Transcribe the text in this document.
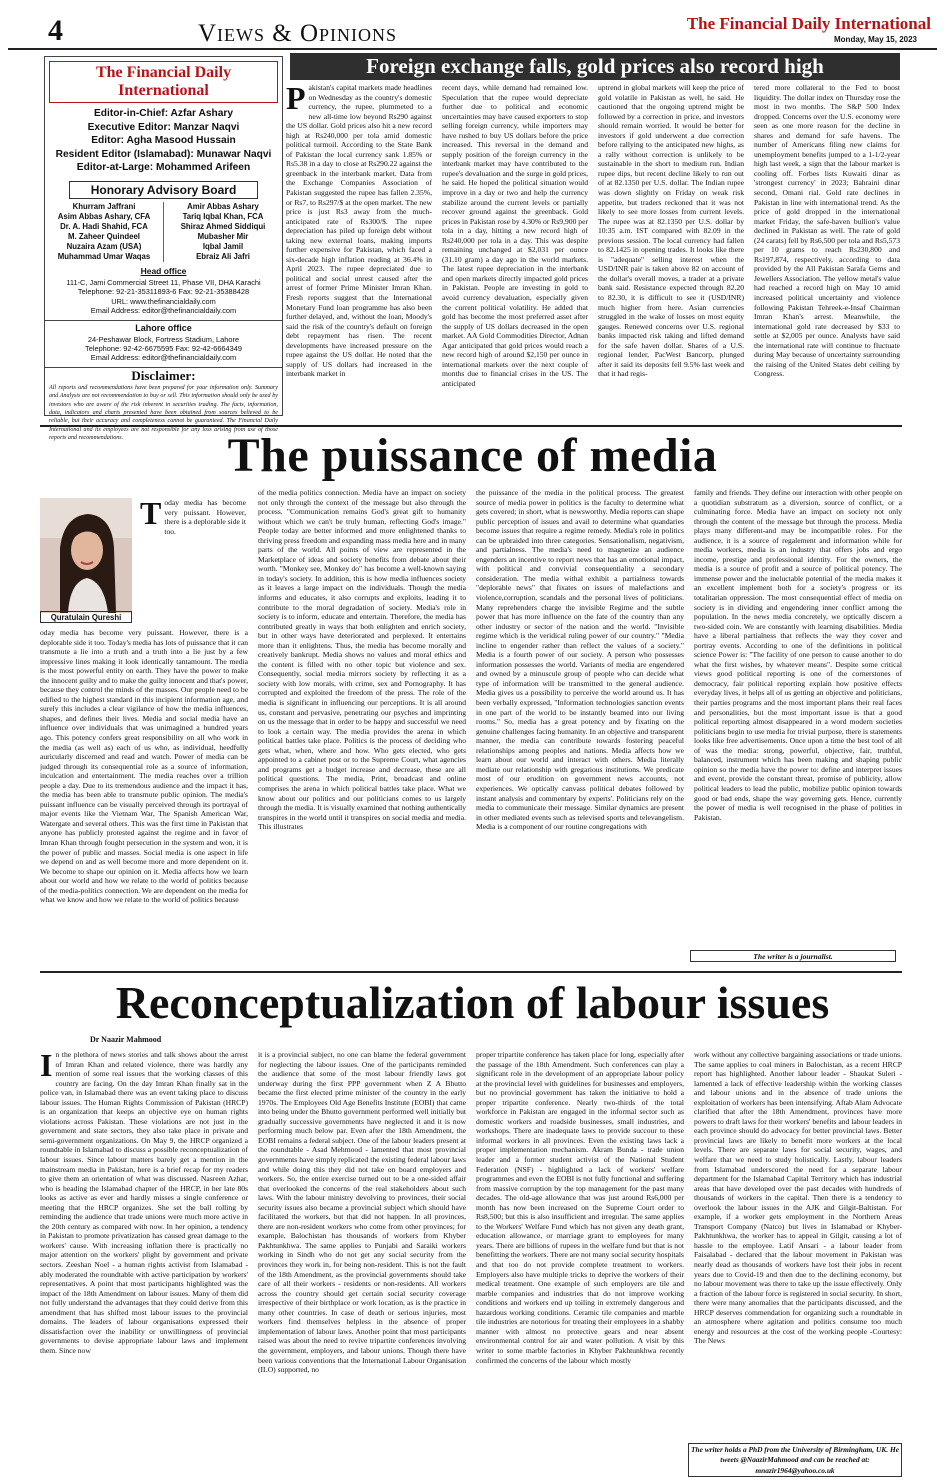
4	Views & Opinions	The Financial Daily International
Monday, May 15, 2023
The Financial Daily International
Editor-in-Chief: Azfar Ashary
Executive Editor: Manzar Naqvi
Editor: Agha Masood Hussain
Resident Editor (Islamabad): Munawar Naqvi
Editor-at-Large: Mohammed Arifeen
Honorary Advisory Board
Khurram Jaffrani
Asim Abbas Ashary, CFA
Dr. A. Hadi Shahid, FCA
M. Zaheer Quindeel
Nuzaira Azam (USA)
Muhammad Umar Waqas
Amir Abbas Ashary
Tariq Iqbal Khan, FCA
Shiraz Ahmed Siddiqui
Mubasher Mir
Iqbal Jamil
Ebraiz Ali Jafri
Head office
111-C, Jami Commercial Street 11, Phase VII, DHA Karachi
Telephone: 92-21-35311893-6 Fax: 92-21-35388428
URL: www.thefinancialdaily.com
Email Address: editor@thefinancialdaily.com
Lahore office
24-Peshawar Block, Fortress Stadium, Lahore
Telephone: 92-42-6675595 Fax: 92-42-6664349
Email Address: editor@thefinancialdaily.com
Disclaimer:
All reports and recommendations have been prepared for your information only. Summary and Analysis are not recommendation to buy or sell. This information should only be used by investors who are aware of the risk inherent in securities trading. The facts, information, data, indicators and charts presented have been obtained from sources believed to be reliable, but their accuracy and completeness cannot be guaranteed. The Financial Daily International and its employees are not responsible for any loss arising from use of those reports and recommendations.
Foreign exchange falls, gold prices also record high
Pakistan's capital markets made headlines on Wednesday as the country's domestic currency, the rupee, plummeted to a new all-time low beyond Rs290 against the US dollar. Gold prices also hit a new record high at Rs240,000 per tola amid domestic political turmoil. According to the State Bank of Pakistan the local currency sank 1.85% or Rs5.38 in a day to close at Rs290.22 against the greenback in the interbank market. Data from the Exchange Companies Association of Pakistan suggested the rupee has fallen 2.35%, or Rs7, to Rs297/$ at the open market. The new price is just Rs3 away from the much-anticipated rate of Rs300/$. The rupee depreciation has piled up foreign debt without taking new external loans, making imports further expensive for Pakistan, which faced a six-decade high inflation reading at 36.4% in April 2023. The rupee depreciated due to political and social unrest caused after the arrest of former Prime Minister Imran Khan. Fresh reports suggest that the International Monetary Fund loan programme has also been further delayed, and, without the loan, Moody's said the risk of the country's default on foreign debt repayment has risen. The recent developments have increased pressure on the rupee against the US dollar. He noted that the supply of US dollars had increased in the interbank market in
recent days, while demand had remained low. Speculation that the rupee would depreciate further due to political and economic uncertainties may have caused exporters to stop selling foreign currency, while importers may have rushed to buy US dollars before the price increased. This reversal in the demand and supply position of the foreign currency in the interbank market may have contributed to the rupee's devaluation and the surge in gold prices, he said. He hoped the political situation would improve in a day or two and help the currency stabilize around the current levels or partially recover ground against the greenback. Gold prices in Pakistan rose by 4.30% or Rs9,900 per tola in a day, hitting a new record high of Rs240,000 per tola in a day. This was despite remaining unchanged at $2,031 per ounce (31.10 gram) a day ago in the world markets. The latest rupee depreciation in the interbank and open markets directly impacted gold prices in Pakistan. People are investing in gold to avoid currency devaluation, especially given the current political volatility. He added that gold has become the most preferred asset after the supply of US dollars decreased in the open market. AA Gold Commodities Director, Adnan Agar anticipated that gold prices would reach a new record high of around $2,150 per ounce in international markets over the next couple of months due to financial crises in the US. The anticipated
uptrend in global markets will keep the price of gold volatile in Pakistan as well, he said. He cautioned that the ongoing uptrend might be followed by a correction in price, and investors should remain worried. It would be better for investors if gold underwent a due correction before rallying to the anticipated new highs, as a rally without correction is unlikely to be sustainable in the short to medium run. Indian rupee dips, but recent decline likely to run out of at 82.1350 per U.S. dollar. The Indian rupee was down slightly on Friday on weak risk appetite, but traders reckoned that it was not likely to see more losses from current levels. The rupee was at 82.1350 per U.S. dollar by 10:35 a.m. IST compared with 82.09 in the previous session. The local currency had fallen to 82.1425 in opening trades. It looks like there is "adequate" selling interest when the USD/INR pair is taken above 82 on account of the dollar's overall moves, a trader at a private bank said. Resistance expected through 82.20 to 82.30, it is difficult to see it (USD/INR) much higher from here. Asian currencies struggled in the wake of losses on most equity gauges. Renewed concerns over U.S. regional banks impacted risk taking and lifted demand for the safe haven dollar. Shares of a U.S. regional lender, PacWest Bancorp, plunged after it said its deposits fell 9.5% last week and that it had regis-
tered more collateral to the Fed to boost liquidity. The dollar index on Thursday rose the most in two months. The S&P 500 Index dropped. Concerns over the U.S. economy were seen as one more reason for the decline in shares and demand for safe havens. The number of Americans filing new claims for unemployment benefits jumped to a 1-1/2-year high last week, a sign that the labour market is cooling off. Forbes lists Kuwaiti dinar as 'strongest currency' in 2023; Bahraini dinar second, Omani rial. Gold rate declines in Pakistan in line with international trend. As the price of gold dropped in the international market Friday, the safe-haven bullion's value declined in Pakistan as well. The rate of gold (24 carats) fell by Rs6,500 per tola and Rs5,573 per 10 grams to reach Rs230,800 and Rs197,874, respectively, according to data provided by the All Pakistan Sarafa Gems and Jewellers Association. The yellow metal's value had reached a record high on May 10 amid increased political uncertainty and violence following Pakistan Tehreek-e-Insaf Chairman Imran Khan's arrest. Meanwhile, the international gold rate decreased by $33 to settle at $2,005 per ounce. Analysts have said the international rate will continue to fluctuate during May because of uncertainty surrounding the raising of the United States debt ceiling by Congress.
The puissance of media
Quratulain Qureshi
Today media has become very puissant. However, there is a deplorable side it too.
oday media has become very puissant. However, there is a deplorable side it too. Today's media has lots of puissance that it can transmute a lie into a truth and a truth into a lie just by a few impressive lines making it look identically tantamount. The media is the most powerful entity on earth. They have the power to make the innocent guilty and to make the guilty innocent and that's power, because they control the minds of the masses. Our people need to be edified to the highest standard in this incipient information age, and surely this includes a clear vigilance of how the media influences, shapes, and defines their lives. Media and social media have an influence over individuals that was unimagined a hundred years ago. This potency confers great responsibility on all who work in the media (as well as) each of us who, as individual, heedfully auricularly discerned and read and watch. Power of media can be judged through its consequential role as a source of information, inculcation and entertainment. The media reaches over a trillion people a day. Due to its tremendous audience and the impact it has, the media has been able to transmute public opinion. The media's puissant influence can be visually perceived through its portrayal of major events like the Vietnam War, The Spanish American War, Watergate and several others. This was the first time in Pakistan that anyone has publicly protested against the regime and in favor of Imran Khan through fought persecution in the system and won, it is the power of public and masses. Social media is one aspect in life we depend on and as well become more and more dependent on it. We become to shape our opinion on it. Media affects how we learn about our world and how we relate to the world of politics because of the media-politics connection. We are dependent on the media for what we know and how we relate to the world of politics because
of the media politics connection. Media have an impact on society not only through the context of the message but also through the process. "Communication remains God's great gift to humanity without which we can't be truly human, reflecting God's image." People today are better informed and more enlightened thanks to thriving press freedom and expanding mass media here and in many parts of the world. All points of view are represented in the Marketplace of ideas and society benefits from debate about their worth. "Monkey see, Monkey do" has become a well-known saying in today's society. In addition, this is how media influences society as it leaves a large impact on the individuals. Though the media informs and educates, it also corrupts and exploits, leading it to contribute to the moral degradation of society. Media's role in society is to inform, educate and entertain. Therefore, the media has contributed greatly in ways that both enlighten and enrich society, but in other ways have deteriorated and perplexed. It entertains more than it enlightens. Thus, the media has become morally and creatively bankrupt. Media shows no values and moral ethics and the content is filled with no other topic but violence and sex. Consequently, social media mirrors society by reflecting it as a society with low morals, with crime, sex and Pornography. It has corrupted and exploited the freedom of the press. The role of the media is significant in influencing our perceptions. It is all around us, constant and pervasive, penetrating our psyches and imprinting on us the message that in order to be happy and successful we need to look a certain way. The media provides the arena in which political battles take place. Politics is the process of deciding who gets what, when, where and how. Who gets elected, who gets appointed to a cabinet post or to the Supreme Court, what agencies and programs get a budget increase and decrease, these are all political questions. The media, Print, broadcast and online comprises the arena in which political battles take place. What we know about our politics and our politicians comes to us largely through the media. It is visually examined that nothing authentically transpires in the world until it transpires on social media and media. This illustrates
the puissance of the media in the political process. The greatest source of media power in politics is the faculty to determine what gets covered; in short, what is newsworthy. Media reports can shape public perception of issues and avail to determine what quandaries become issues that require a regime remedy. Media's role in politics can be upbraided into three categories. Sensationalism, negativism, and partialness. The media's need to magnetize an audience engenders an incentive to report news that has an emotional impact, with political and convivial consequentiality a secondary consideration. The media withal exhibit a partialness towards "deplorable news" that fixates on issues of malefactions and violence,corruption, scandals and the personal lives of politicians. Many reprehenders charge the invisible Regime and the subtle power that has more influence on the fate of the country than any other industry or sector of the nation and the world. "Invisible regime which is the veridical ruling power of our country." "Media incline to engender rather than reflect the values of a society." Media is a fourth power of our society. A person who possesses information possesses the world. Variants of media are engendered and owned by a minuscule group of people who can decide what type of information will be transmitted to the general audience. Media gives us a possibility to perceive the world around us. It has been verbally expressed, "Information technologies sanction events in one part of the world to be instantly beamed into our living rooms." So, media has a great potency and by fixating on the genuine challenges facing humanity. In an objective and transparent manner, the media can contribute towards fostering peaceful relationships among peoples and nations. Media affects how we learn about our world and interact with others. Media literally mediate our relationship with gregarious institutions. We predicate most of our erudition on government news accounts, not experiences. We optically canvass political debates followed by instant analysis and commentary by experts'. Politicians rely on the media to communicate their message. Similar dynamics are present in other mediated events such as televised sports and televangelism. Media is a component of our routine congregations with
family and friends. They define our interaction with other people on a quotidian substratum as a diversion, source of conflict, or a culminating force. Media have an impact on society not only through the content of the message but through the process. Media plays many different-and may be incompatible roles. For the audience, it is a source of regalement and information while for media workers, media is an industry that offers jobs and ergo income, prestige and professional identity. For the owners, the media is a source of profit and a source of political potency. The immense power and the ineluctable potential of the media makes it an excellent implement both for a society's progress or its totalitarian oppression. The most consequential effect of media on society is in dividing and engendering inner conflict among the population. In the news media concretely, we optically discern a two-sided coin. We are constantly with learning disabilities. Media have a liberal partialness that reflects the way they cover and portray events. According to one of the definitions in political science Power is: "The facility of one person to cause another to do what the first wishes, by whatever means". Despite some critical views good political reporting is one of the cornerstones of democracy, fair political reporting explain how positive effects everyday lives, it helps all of us getting an objective and politicians, their parties programs and the most important plans their real faces and personalities, but the most important issue is that a good political reporting almost disappeared in a word modern societies politicians begin to use media for trivial purpose, there is statements looks like free advertisements. Once upon a time the best tool of all of was the media: strong, powerful, objective, fair, truthful, balanced, instrument which has been making and shaping public opinion so the media have the power to: define and interpret issues and event, provide the constant threat, promise of publicity, allow political leaders to lead the public, mobilize public opinion towards good or bad ends, shape the way governing gets. Hence, currently the power of media is well recognised in the phase of polities in Pakistan.
The writer is a journalist.
Reconceptualization of labour issues
Dr Naazir Mahmood
In the plethora of news stories and talk shows about the arrest of Imran Khan and related violence, there was hardly any mention of some real issues that the working classes of this country are facing. On the day Imran Khan finally sat in the police van, in Islamabad there was an event taking place to discuss labour issues. The Human Rights Commission of Pakistan (HRCP) is an organization that keeps an objective eye on human rights violations across Pakistan. These violations are not just in the government and state sectors, they also take place in private and semi-government organizations. On May 9, the HRCP organized a roundtable in Islamabad to discuss a possible reconceptualization of labour issues. Since labour matters barely get a mention in the mainstream media in Pakistan, here is a brief recap for my readers to give them an orientation of what was discussed. Nasreen Azhar, who is heading the Islamabad chapter of the HRCP, in her late 80s looks as active as ever and hardly misses a single conference or meeting that the HRCP organizes. She set the ball rolling by reminding the audience that trade unions were much more active in the 20th century as compared with now. In her opinion, a tendency in Pakistan to promote privatization has caused great damage to the workers' cause. With increasing inflation there is practically no major attention on the workers' plight by government and private sectors. Zeeshan Noel - a human rights activist from Islamabad - ably moderated the roundtable with active participation by workers' representatives. A point that most participants highlighted was the impact of the 18th Amendment on labour issues. Many of them did not fully understand the advantages that they could derive from this amendment that has shifted most labour issues to the provincial domains. The leaders of labour organisations expressed their dissatisfaction over the inability or unwillingness of provincial governments to devise appropriate labour laws and implement them. Since now
it is a provincial subject, no one can blame the federal government for neglecting the labour issues. One of the participants reminded the audience that some of the most labour friendly laws got underway during the first PPP government when Z A Bhutto became the first elected prime minister of the country in the early 1970s. The Employees Old Age Benefits Institute (EOBI) that came into being under the Bhutto government performed well initially but gradually successive governments have neglected it and it is now performing much below par. Even after the 18th Amendment, the EOBI remains a federal subject. One of the labour leaders present at the roundtable - Asad Mehmood - lamented that most provincial governments have simply replicated the existing federal labour laws and while doing this they did not take on board employers and workers. So, the entire exercise turned out to be a one-sided affair that overlooked the concerns of the real stakeholders about such laws. With the labour ministry devolving to provinces, their social security issues also became a provincial subject which should have facilitated the workers, but that did not happen. In all provinces, there are non-resident workers who come from other provinces; for example, Balochistan has thousands of workers from Khyber Pakhtunkhwa. The same applies to Punjabi and Saraiki workers working in Sindh who do not get any social security from the provinces they work in, for being non-resident. This is not the fault of the 18th Amendment, as the provincial governments should take care of all their workers - residents or non-residents. All workers across the country should get certain social security coverage irrespective of their birthplace or work location, as is the practice in many other countries. In case of death or serious injuries, most workers find themselves helpless in the absence of proper implementation of labour laws. Another point that most participants raised was about the need to revive tripartite conferences involving the government, employers, and labour unions. Though there have been various conventions that the International Labour Organisation (ILO) supported, no
proper tripartite conference has taken place for long, especially after the passage of the 18th Amendment. Such conferences can play a significant role in the development of an appropriate labour policy at the provincial level with guidelines for businesses and employers, but no provincial government has taken the initiative to hold a proper tripartite conference. Nearly two-thirds of the total workforce in Pakistan are engaged in the informal sector such as domestic workers and roadside businesses, small industries, and workshops. There are inadequate laws to provide succour to these informal workers in all provinces. Even the existing laws lack a proper implementation mechanism. Akram Bunda - trade union leader and a former student activist of the National Student Federation (NSF) - highlighted a lack of workers' welfare programmes and even the EOBI is not fully functional and suffering from massive corruption by the top management for the past many decades. The old-age allowance that was just around Rs6,000 per month has now been increased on the Supreme Court order to Rs8,500; but this is also insufficient and irregular. The same applies to the Workers' Welfare Fund which has not given any death grant, education allowance, or marriage grant to employees for many years. There are billions of rupees in the welfare fund but that is not benefitting the workers. There are not many social security hospitals and that too do not provide complete treatment to workers. Employers also have multiple tricks to deprive the workers of their medical treatment. One example of such employers are tile and marble companies and industries that do not improve working conditions and workers end up toiling in extremely dangerous and hazardous working conditions. Ceramic tile companies and marble tile industries are notorious for treating their employees in a shabby manner with almost no protective gears and near absent environmental control for air and water pollution. A visit by this writer to some marble factories in Khyber Pakhtunkhwa recently confirmed the concerns of the labour which mostly
work without any collective bargaining associations or trade unions. The same applies to coal miners in Balochistan, as a recent HRCP report has highlighted. Another labour leader - Shaukat Suleri - lamented a lack of effective leadership within the working classes and labour unions and in the absence of trade unions the exploitation of workers has been intensifying. Aftab Alam Advocate clarified that after the 18th Amendment, provinces have more powers to draft laws for their workers' benefits and labour leaders in each province should do advocacy for better provincial laws. Better provincial laws are likely to benefit more workers at the local levels. There are separate laws for social security, wages, and welfare that we need to study holistically. Lastly, labour leaders from Islamabad underscored the need for a separate labour department for the Islamabad Capital Territory which has industrial areas that have developed over the past decades with hundreds of thousands of workers in the capital. Then there is a tendency to overlook the labour issues in the AJK and Gilgit-Baltistan. For example, if a worker gets employment in the Northern Areas Transport Company (Natco) but lives in Islamabad or Khyber-Pakhtunkhwa, the worker has to appeal in Gilgit, causing a lot of hassle to the employee. Latif Ansari - a labour leader from Faisalabad - declared that the labour movement in Pakistan was nearly dead as thousands of workers have lost their jobs in recent years due to Covid-19 and then due to the declining economy, but no labour movement was there to take up the issue effectively. Only a fraction of the labour force is registered in social security. In short, there were many anomalies that the participants discussed, and the HRCP deserves commendation for organizing such a roundtable in an atmosphere where agitation and politics consume too much energy and resources at the cost of the working people -Courtesy: The News
The writer holds a PhD from the University of Birmingham, UK. He tweets @NaazirMahmood and can be reached at: mnazir1964@yahoo.co.uk
